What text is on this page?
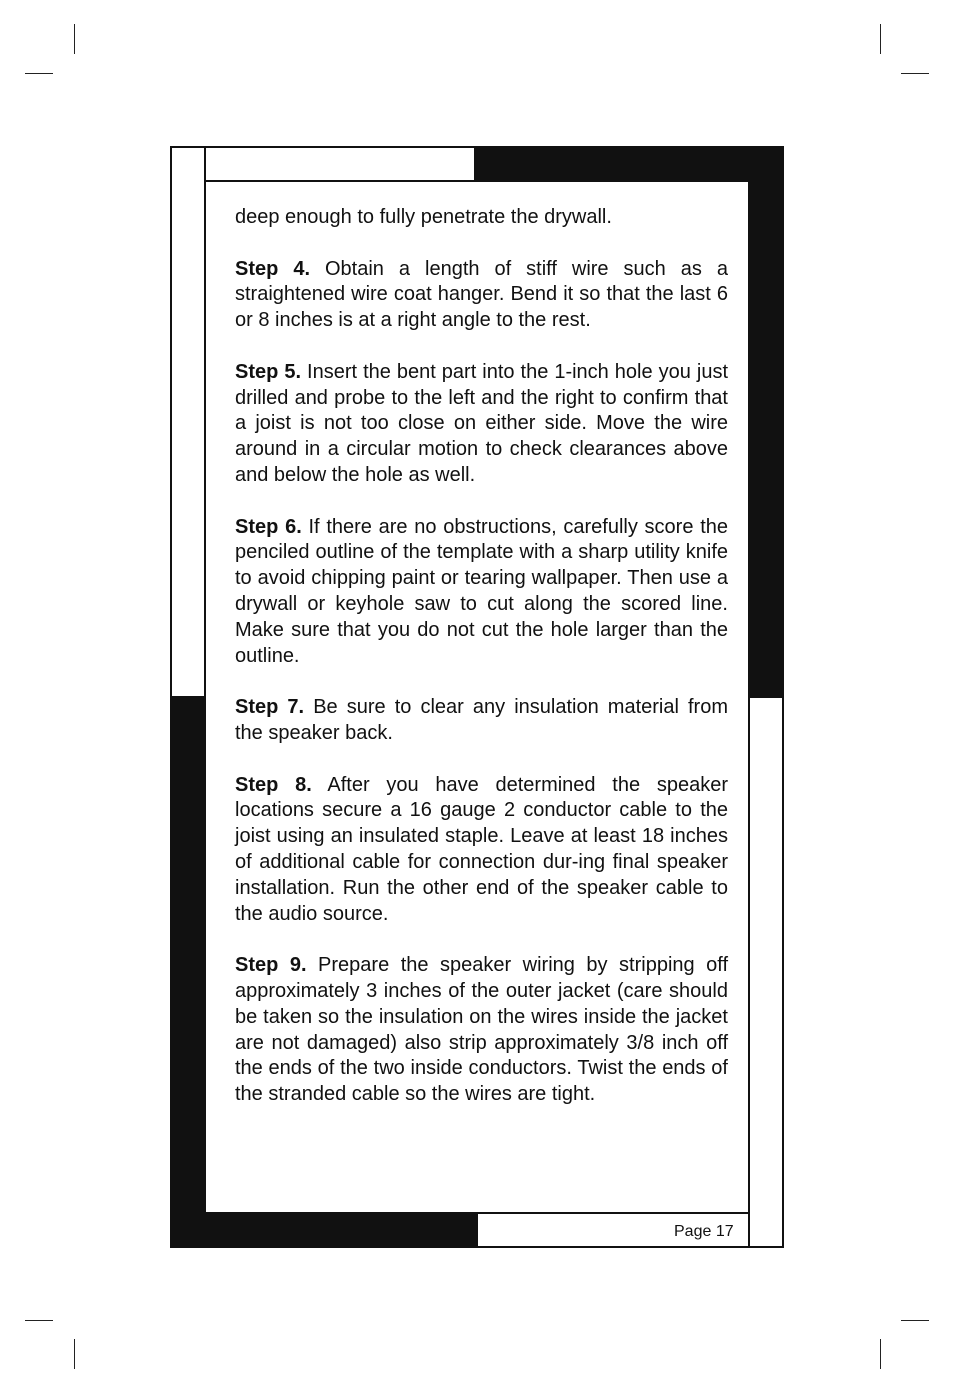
deep enough to fully penetrate the drywall.

Step 4. Obtain a length of stiff wire such as a straightened wire coat hanger. Bend it so that the last 6 or 8 inches is at a right angle to the rest.

Step 5. Insert the bent part into the 1-inch hole you just drilled and probe to the left and the right to confirm that a joist is not too close on either side. Move the wire around in a circular motion to check clearances above and below the hole as well.

Step 6. If there are no obstructions, carefully score the penciled outline of the template with a sharp utility knife to avoid chipping paint or tearing wallpaper. Then use a drywall or keyhole saw to cut along the scored line. Make sure that you do not cut the hole larger than the outline.

Step 7. Be sure to clear any insulation material from the speaker back.

Step 8. After you have determined the speaker locations secure a 16 gauge 2 conductor cable to the joist using an insulated staple. Leave at least 18 inches of additional cable for connection dur-ing final speaker installation. Run the other end of the speaker cable to the audio source.

Step 9. Prepare the speaker wiring by stripping off approximately 3 inches of the outer jacket (care should be taken so the insulation on the wires inside the jacket are not damaged) also strip approximately 3/8 inch off the ends of the two inside conductors. Twist the ends of the stranded cable so the wires are tight.

Page 17
